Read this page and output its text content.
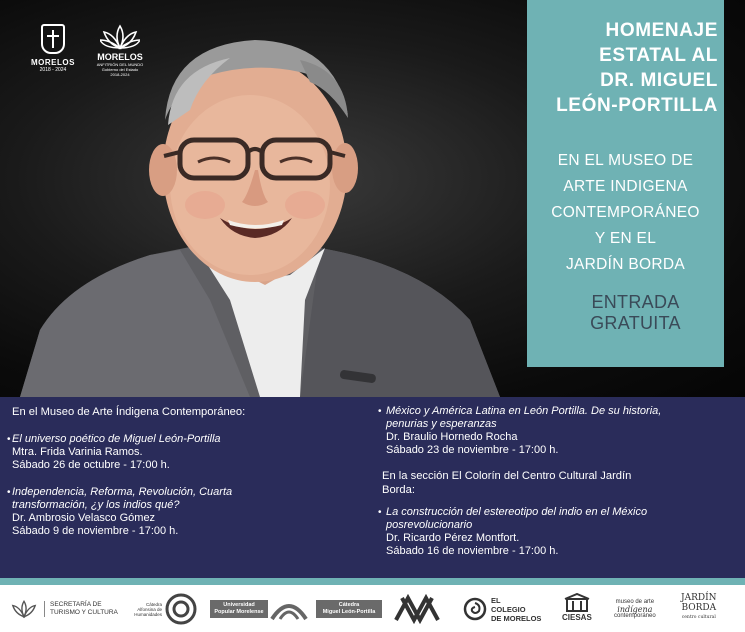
MORELOS
2018 - 2024
MORELOS
ANFITRIÓN DEL MUNDO
Gobierno del Estado
2018-2024
HOMENAJE
ESTATAL AL
DR. MIGUEL
LEÓN-PORTILLA
EN EL MUSEO DE
ARTE INDIGENA
CONTEMPORÁNEO
Y EN EL
JARDÍN BORDA
ENTRADA
GRATUITA
En el Museo de Arte Índigena Contemporáneo:
• El universo poético de Miguel León-Portilla
Mtra. Frida Varinia Ramos.
Sábado 26 de octubre - 17:00 h.
• Independencia, Reforma, Revolución, Cuarta
transformación, ¿y los indios qué?
Dr. Ambrosio Velasco Gómez
Sábado 9 de noviembre - 17:00 h.
• México y América Latina en León Portilla. De su historia,
penurias y esperanzas
Dr. Braulio Hornedo Rocha
Sábado 23 de noviembre - 17:00 h.
En la sección El Colorín del Centro Cultural Jardín
Borda:
• La construcción del estereotipo del indio en el México
posrevolucionario
Dr. Ricardo Pérez Montfort.
Sábado 16 de noviembre - 17:00 h.
SECRETARÍA DE
TURISMO Y CULTURA
Cátedra Alfonsina de Humanidades
Universidad Popular Morelense
Cátedra
Miguel León-Portilla
EL
COLEGIO
DE MORELOS	CIESAS
museo de arte
indígena
contemporáneo
JARDÍN
BORDA
centro cultural
